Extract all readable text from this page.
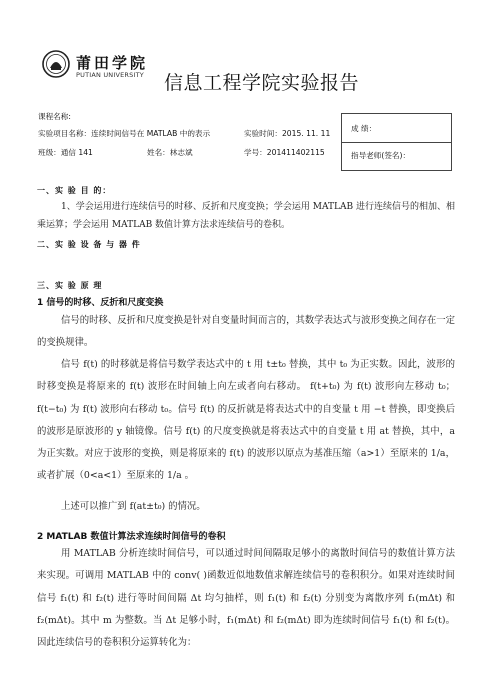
莆田学院
PUTIAN UNIVERSITY 信息工程学院实验报告
课程名称:
实验项目名称：连续时间信号在 MATLAB 中的表示	实验时间：2015. 11. 11
班级：通信 141	姓名：林志斌	学号：201411402115
成 绩：
指导老师(签名)：
一、实 验 目 的：

1、学会运用进行连续信号的时移、反折和尺度变换；学会运用 MATLAB 进行连续信号的相加、相乘运算；学会运用 MATLAB 数值计算方法求连续信号的卷积。

二、实 验 设 备 与 器 件
三、实 验 原 理
1 信号的时移、反折和尺度变换

信号的时移、反折和尺度变换是针对自变量时间而言的，其数学表达式与波形变换之间存在一定的变换规律。

信号 f(t) 的时移就是将信号数学表达式中的 t 用 t±t₀ 替换，其中 t₀ 为正实数。因此，波形的时移变换是将原来的 f(t) 波形在时间轴上向左或者向右移动。 f(t+t₀) 为 f(t) 波形向左移动 t₀； f(t−t₀) 为 f(t) 波形向右移动 t₀。信号 f(t) 的反折就是将表达式中的自变量 t 用 −t 替换，即变换后的波形是原波形的 y 轴镜像。信号 f(t) 的尺度变换就是将表达式中的自变量 t 用 at 替换，其中，a 为正实数。对应于波形的变换，则是将原来的 f(t) 的波形以原点为基准压缩（a>1）至原来的 1/a，或者扩展（0<a<1）至原来的 1/a 。

上述可以推广到 f(at±t₀) 的情况。

2 MATLAB 数值计算法求连续时间信号的卷积

用 MATLAB 分析连续时间信号，可以通过时间间隔取足够小的离散时间信号的数值计算方法来实现。可调用 MATLAB 中的 conv( )函数近似地数值求解连续信号的卷积积分。如果对连续时间信号 f₁(t) 和 f₂(t) 进行等时间间隔 Δt 均匀抽样，则 f₁(t) 和 f₂(t) 分别变为离散序列 f₁(mΔt) 和 f₂(mΔt)。其中 m 为整数。当 Δt 足够小时，f₁(mΔt) 和 f₂(mΔt) 即为连续时间信号 f₁(t) 和 f₂(t)。因此连续信号的卷积积分运算转化为：
